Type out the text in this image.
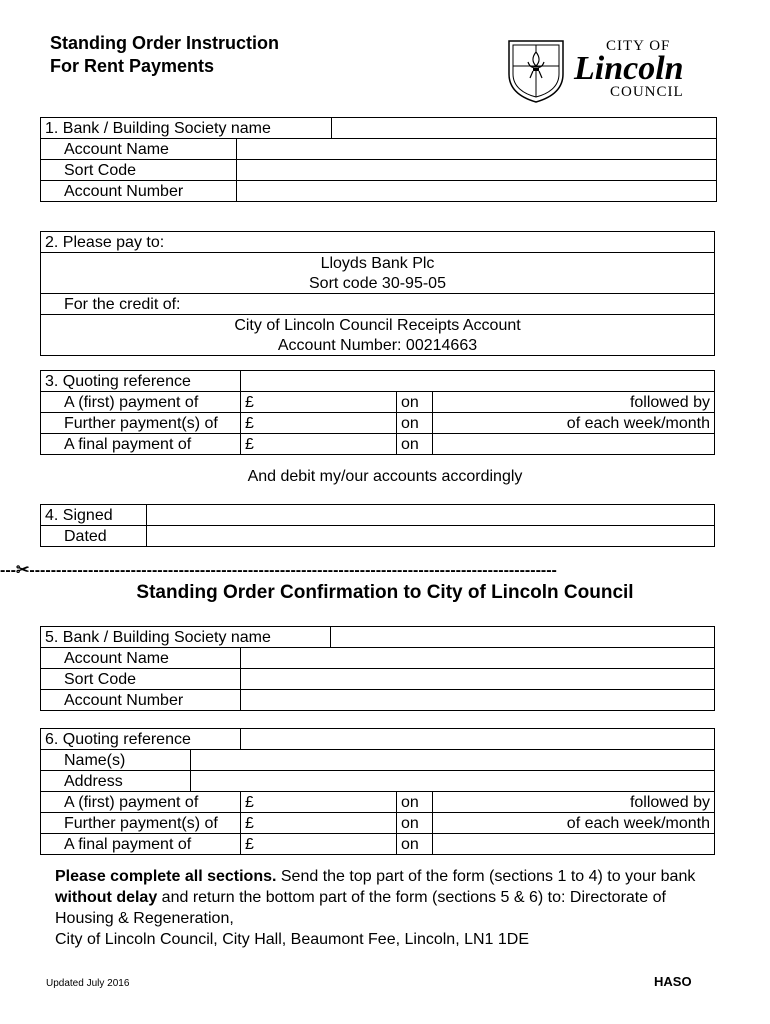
Standing Order Instruction
For Rent Payments
CITY OF
Lincoln
COUNCIL
1. Bank / Building Society name		
Account Name		
Sort Code		
Account Number		
2. Please pay to:
Lloyds Bank Plc
Sort code 30-95-05
For the credit of:
City of Lincoln Council Receipts Account
Account Number: 00214663
3. Quoting reference				
A (first) payment of	£		on	followed by
Further payment(s) of	£		on	of each week/month
A final payment of	£		on	
And debit my/our accounts accordingly
4. Signed	
Dated	
---✂---------------------------------------------------------------------------------------------------
Standing Order Confirmation to City of Lincoln Council
5. Bank / Building Society name		
Account Name		
Sort Code		
Account Number		
6. Quoting reference					
Name(s)					
Address					
A (first) payment of		£		on	followed by
Further payment(s) of		£		on	of each week/month
A final payment of		£		on	
Please complete all sections. Send the top part of the form (sections 1 to 4) to your bank without delay and return the bottom part of the form (sections 5 & 6) to: Directorate of Housing & Regeneration,
City of Lincoln Council, City Hall, Beaumont Fee, Lincoln, LN1 1DE
Updated July 2016	HASO
